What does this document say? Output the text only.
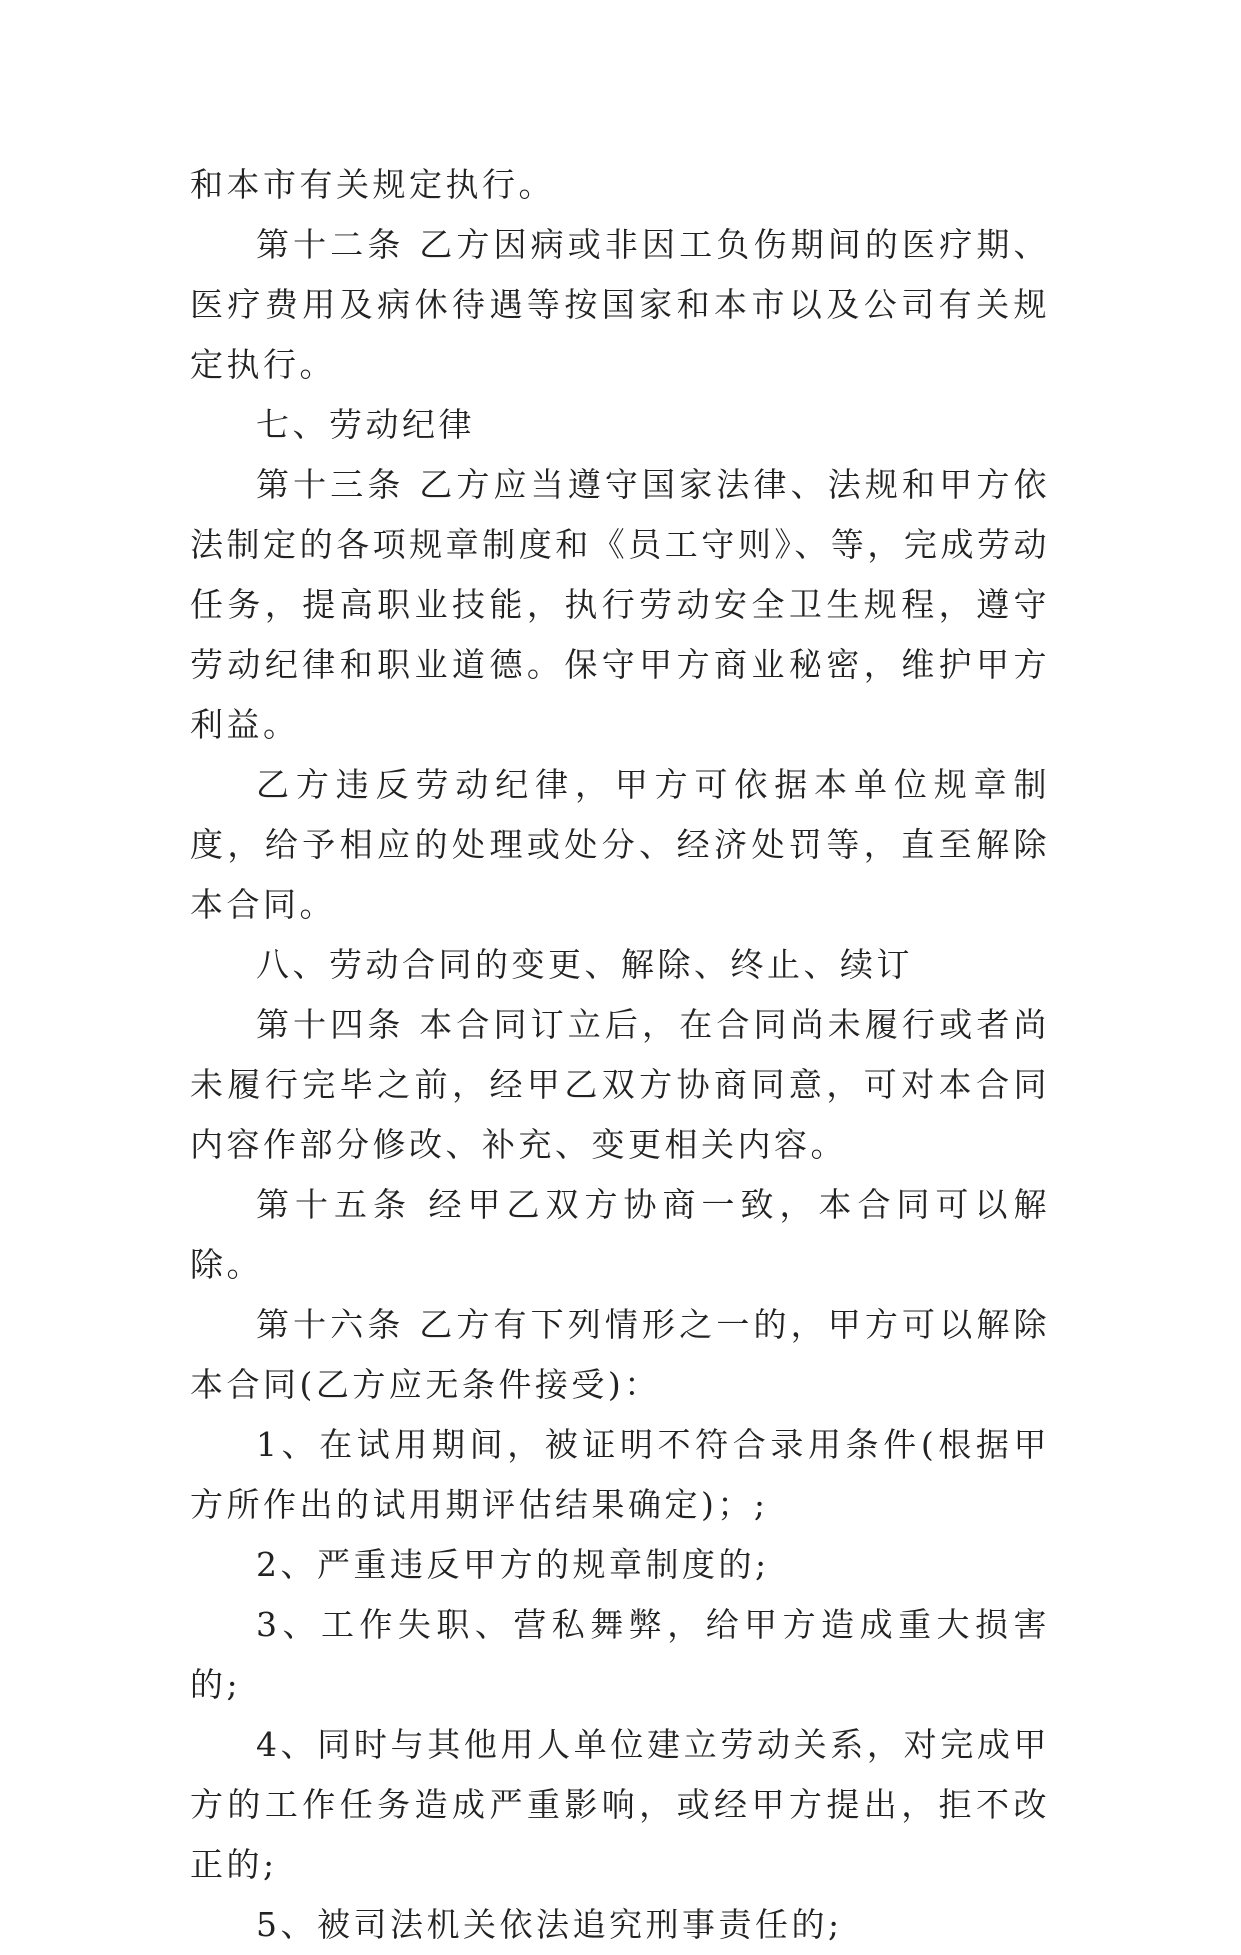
和本市有关规定执行。

第十二条 乙方因病或非因工负伤期间的医疗期、医疗费用及病休待遇等按国家和本市以及公司有关规定执行。

七、劳动纪律

第十三条 乙方应当遵守国家法律、法规和甲方依法制定的各项规章制度和《员工守则》、等，完成劳动任务，提高职业技能，执行劳动安全卫生规程，遵守劳动纪律和职业道德。保守甲方商业秘密，维护甲方利益。

乙方违反劳动纪律，甲方可依据本单位规章制度，给予相应的处理或处分、经济处罚等，直至解除本合同。

八、劳动合同的变更、解除、终止、续订

第十四条 本合同订立后，在合同尚未履行或者尚未履行完毕之前，经甲乙双方协商同意，可对本合同内容作部分修改、补充、变更相关内容。

第十五条 经甲乙双方协商一致，本合同可以解除。

第十六条 乙方有下列情形之一的，甲方可以解除本合同(乙方应无条件接受)：

1、在试用期间，被证明不符合录用条件(根据甲方所作出的试用期评估结果确定)；;

2、严重违反甲方的规章制度的;

3、工作失职、营私舞弊，给甲方造成重大损害的;

4、同时与其他用人单位建立劳动关系，对完成甲方的工作任务造成严重影响，或经甲方提出，拒不改正的;

5、被司法机关依法追究刑事责任的;
